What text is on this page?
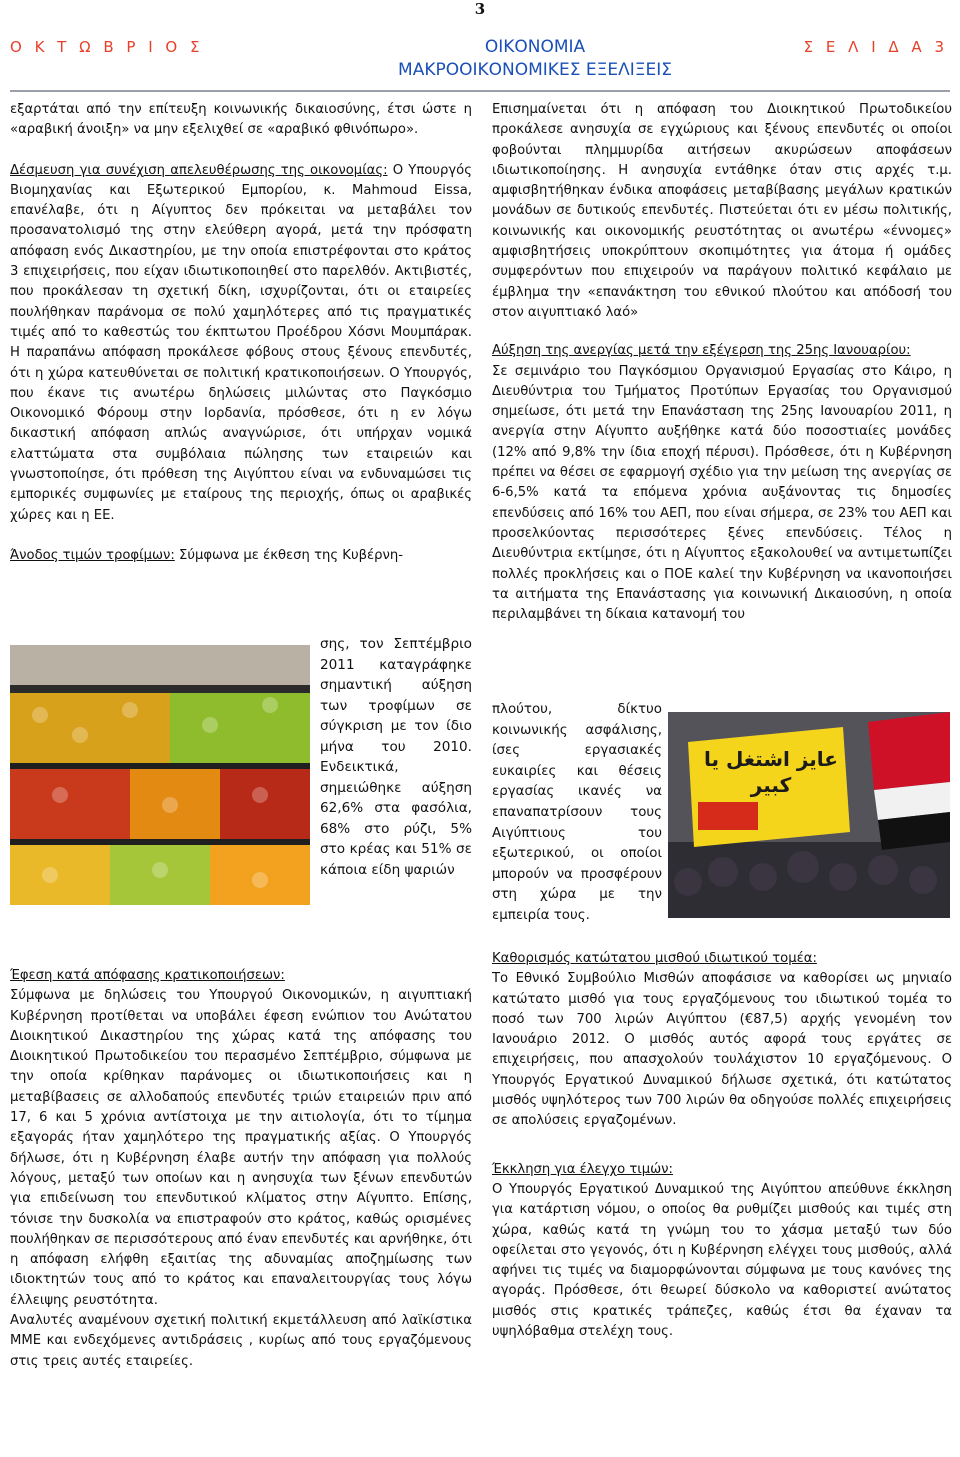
3
Ο Κ Τ Ω Β Ρ Ι Ο Σ	ΟΙΚΟΝΟΜΙΑ
ΜΑΚΡΟΟΙΚΟΝΟΜΙΚΕΣ ΕΞΕΛΙΞΕΙΣ
Σ Ε Λ Ι Δ Α 3

εξαρτάται από την επίτευξη κοινωνικής δικαιοσύνης, έτσι ώστε η «αραβική άνοιξη» να μην εξελιχθεί σε «αραβικό φθινόπωρο».

Δέσμευση για συνέχιση απελευθέρωσης της οικονομίας: Ο Υπουργός Βιομηχανίας και Εξωτερικού Εμπορίου, κ. Mahmoud Eissa, επανέλαβε, ότι η Αίγυπτος δεν πρόκειται να μεταβάλει τον προσανατολισμό της στην ελεύθερη αγορά, μετά την πρόσφατη απόφαση ενός Δικαστηρίου, με την οποία επιστρέφονται στο κράτος 3 επιχειρήσεις, που είχαν ιδιωτικοποιηθεί στο παρελθόν. Ακτιβιστές, που προκάλεσαν τη σχετική δίκη, ισχυρίζονται, ότι οι εταιρείες πουλήθηκαν παράνομα σε πολύ χαμηλότερες από τις πραγματικές τιμές από το καθεστώς του έκπτωτου Προέδρου Χόσνι Μουμπάρακ. Η παραπάνω απόφαση προκάλεσε φόβους στους ξένους επενδυτές, ότι η χώρα κατευθύνεται σε πολιτική κρατικοποιήσεων. Ο Υπουργός, που έκανε τις ανωτέρω δηλώσεις μιλώντας στο Παγκόσμιο Οικονομικό Φόρουμ στην Ιορδανία, πρόσθεσε, ότι η εν λόγω δικαστική απόφαση απλώς αναγνώρισε, ότι υπήρχαν νομικά ελαττώματα στα συμβόλαια πώλησης των εταιρειών και γνωστοποίησε, ότι πρόθεση της Αιγύπτου είναι να ενδυναμώσει τις εμπορικές συμφωνίες με εταίρους της περιοχής, όπως οι αραβικές χώρες και η ΕΕ.

Άνοδος τιμών τροφίμων: Σύμφωνα με έκθεση της Κυβέρνη-

σης, τον Σεπτέμβριο 2011 καταγράφηκε σημαντική αύξηση των τροφίμων σε σύγκριση με τον ίδιο μήνα του 2010. Ενδεικτικά, σημειώθηκε αύξηση 62,6% στα φασόλια, 68% στο ρύζι, 5% στο κρέας και 51% σε κάποια είδη ψαριών

Έφεση κατά απόφασης κρατικοποιήσεων:

Σύμφωνα με δηλώσεις του Υπουργού Οικονομικών, η αιγυπτιακή Κυβέρνηση προτίθεται να υποβάλει έφεση ενώπιον του Ανώτατου Διοικητικού Δικαστηρίου της χώρας κατά της απόφασης του Διοικητικού Πρωτοδικείου του περασμένο Σεπτέμβριο, σύμφωνα με την οποία κρίθηκαν παράνομες οι ιδιωτικοποιήσεις και η μεταβίβασεις σε αλλοδαπούς επενδυτές τριών εταιρειών πριν από 17, 6 και 5 χρόνια αντίστοιχα με την αιτιολογία, ότι το τίμημα εξαγοράς ήταν χαμηλότερο της πραγματικής αξίας. Ο Υπουργός δήλωσε, ότι η Κυβέρνηση έλαβε αυτήν την απόφαση για πολλούς λόγους, μεταξύ των οποίων και η ανησυχία των ξένων επενδυτών για επιδείνωση του επενδυτικού κλίματος στην Αίγυπτο. Επίσης, τόνισε την δυσκολία να επιστραφούν στο κράτος, καθώς ορισμένες πουλήθηκαν σε περισσότερους από έναν επενδυτές και αρνήθηκε, ότι η απόφαση ελήφθη εξαιτίας της αδυναμίας αποζημίωσης των ιδιοκτητών τους από το κράτος και επαναλειτουργίας τους λόγω έλλειψης ρευστότητα.

Αναλυτές αναμένουν σχετική πολιτική εκμετάλλευση από λαϊκίστικα ΜΜΕ και ενδεχόμενες αντιδράσεις , κυρίως από τους εργαζόμενους στις τρεις αυτές εταιρείες.

Επισημαίνεται ότι η απόφαση του Διοικητικού Πρωτοδικείου προκάλεσε ανησυχία σε εγχώριους και ξένους επενδυτές οι οποίοι φοβούνται πλημμυρίδα αιτήσεων ακυρώσεων αποφάσεων ιδιωτικοποίησης. Η ανησυχία εντάθηκε όταν στις αρχές τ.μ. αμφισβητήθηκαν ένδικα αποφάσεις μεταβίβασης μεγάλων κρατικών μονάδων σε δυτικούς επενδυτές. Πιστεύεται ότι εν μέσω πολιτικής, κοινωνικής και οικονομικής ρευστότητας οι ανωτέρω «έννομες» αμφισβητήσεις υποκρύπτουν σκοπιμότητες για άτομα ή ομάδες συμφερόντων που επιχειρούν να παράγουν πολιτικό κεφάλαιο με έμβλημα την «επανάκτηση του εθνικού πλούτου και απόδοσή του στον αιγυπτιακό λαό»

Αύξηση της ανεργίας μετά την εξέγερση της 25ης Ιανουαρίου:

Σε σεμινάριο του Παγκόσμιου Οργανισμού Εργασίας στο Κάιρο, η Διευθύντρια του Τμήματος Προτύπων Εργασίας του Οργανισμού σημείωσε, ότι μετά την Επανάσταση της 25ης Ιανουαρίου 2011, η ανεργία στην Αίγυπτο αυξήθηκε κατά δύο ποσοστιαίες μονάδες (12% από 9,8% την ίδια εποχή πέρυσι). Πρόσθεσε, ότι η Κυβέρνηση πρέπει να θέσει σε εφαρμογή σχέδιο για την μείωση της ανεργίας σε 6-6,5% κατά τα επόμενα χρόνια αυξάνοντας τις δημοσίες επενδύσεις από 16% του ΑΕΠ, που είναι σήμερα, σε 23% του ΑΕΠ και προσελκύοντας περισσότερες ξένες επενδύσεις. Τέλος η Διευθύντρια εκτίμησε, ότι η Αίγυπτος εξακολουθεί να αντιμετωπίζει πολλές προκλήσεις και ο ΠΟΕ καλεί την Κυβέρνηση να ικανοποιήσει τα αιτήματα της Επανάστασης για κοινωνική Δικαιοσύνη, η οποία περιλαμβάνει τη δίκαια κατανομή του

πλούτου, δίκτυο κοινωνικής ασφάλισης, ίσες εργασιακές ευκαιρίες και θέσεις εργασίας ικανές να επαναπατρίσουν τους Αιγύπτιους του εξωτερικού, οι οποίοι μπορούν να προσφέρουν στη χώρα με την εμπειρία τους.
عايز اشتغل يا كبير

Καθορισμός κατώτατου μισθού ιδιωτικού τομέα:

Το Εθνικό Συμβούλιο Μισθών αποφάσισε να καθορίσει ως μηνιαίο κατώτατο μισθό για τους εργαζόμενους του ιδιωτικού τομέα το ποσό των 700 λιρών Αιγύπτου (€87,5) αρχής γενομένη τον Ιανουάριο 2012. Ο μισθός αυτός αφορά τους εργάτες σε επιχειρήσεις, που απασχολούν τουλάχιστον 10 εργαζόμενους. Ο Υπουργός Εργατικού Δυναμικού δήλωσε σχετικά, ότι κατώτατος μισθός υψηλότερος των 700 λιρών θα οδηγούσε πολλές επιχειρήσεις σε απολύσεις εργαζομένων.

Έκκληση για έλεγχο τιμών:

Ο Υπουργός Εργατικού Δυναμικού της Αιγύπτου απεύθυνε έκκληση για κατάρτιση νόμου, ο οποίος θα ρυθμίζει μισθούς και τιμές στη χώρα, καθώς κατά τη γνώμη του το χάσμα μεταξύ των δύο οφείλεται στο γεγονός, ότι η Κυβέρνηση ελέγχει τους μισθούς, αλλά αφήνει τις τιμές να διαμορφώνονται σύμφωνα με τους κανόνες της αγοράς. Πρόσθεσε, ότι θεωρεί δύσκολο να καθοριστεί ανώτατος μισθός στις κρατικές τράπεζες, καθώς έτσι θα έχαναν τα υψηλόβαθμα στελέχη τους.
